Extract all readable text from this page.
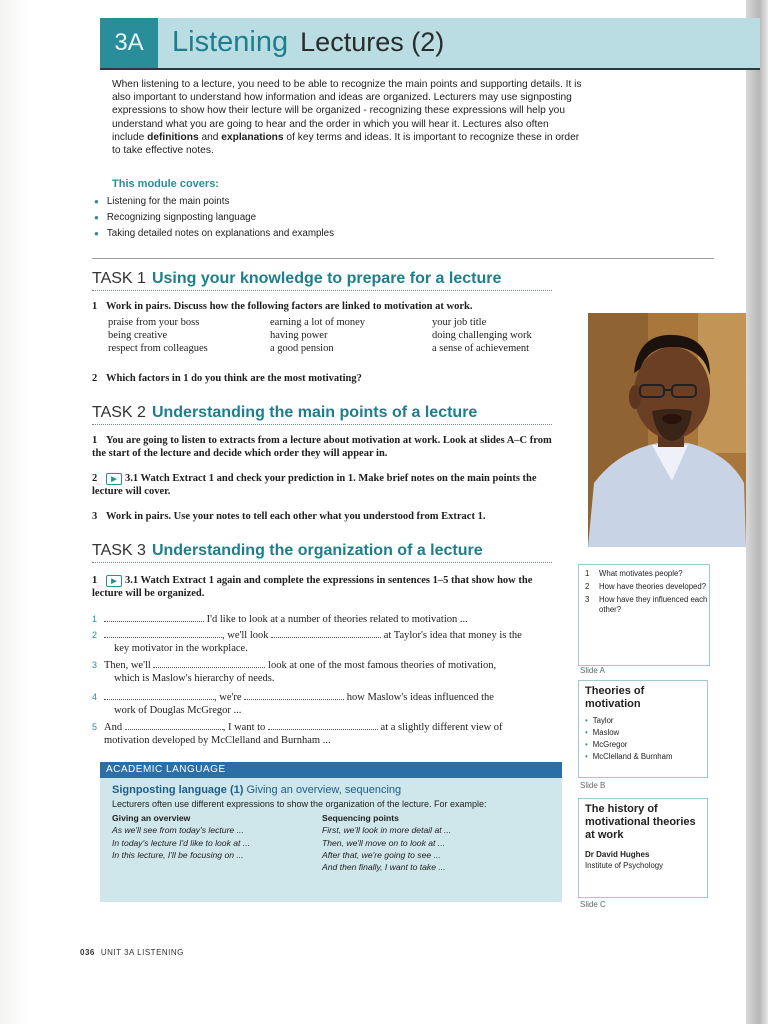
3A Listening Lectures (2)
When listening to a lecture, you need to be able to recognize the main points and supporting details. It is also important to understand how information and ideas are organized. Lecturers may use signposting expressions to show how their lecture will be organized - recognizing these expressions will help you understand what you are going to hear and the order in which you will hear it. Lectures also often include definitions and explanations of key terms and ideas. It is important to recognize these in order to take effective notes.
This module covers:
● Listening for the main points
● Recognizing signposting language
● Taking detailed notes on explanations and examples
TASK 1 Using your knowledge to prepare for a lecture
1 Work in pairs. Discuss how the following factors are linked to motivation at work.
praise from your boss	earning a lot of money	your job title
being creative	having power	doing challenging work
respect from colleagues	a good pension	a sense of achievement
2 Which factors in 1 do you think are the most motivating?
TASK 2 Understanding the main points of a lecture
1 You are going to listen to extracts from a lecture about motivation at work. Look at slides A–C from the start of the lecture and decide which order they will appear in.
2 ▶ 3.1 Watch Extract 1 and check your prediction in 1. Make brief notes on the main points the lecture will cover.
3 Work in pairs. Use your notes to tell each other what you understood from Extract 1.
TASK 3 Understanding the organization of a lecture
1 ▶ 3.1 Watch Extract 1 again and complete the expressions in sentences 1–5 that show how the lecture will be organized.
1	I'd like to look at a number of theories related to motivation ...
2	, we'll look	at Taylor's idea that money is the
key motivator in the workplace.
3 Then, we'll	look at one of the most famous theories of motivation,
which is Maslow's hierarchy of needs.
4	, we're	how Maslow's ideas influenced the
work of Douglas McGregor ...
5 And	, I want to	at a slightly different view of
motivation developed by McClelland and Burnham ...
1 What motivates people?
2 How have theories developed?
3 How have they influenced each other?
Slide A
Theories of motivation
• Taylor
• Maslow
• McGregor
• McClelland & Burnham
Slide B
The history of motivational theories at work
Dr David Hughes
Institute of Psychology
Slide C
ACADEMIC LANGUAGE
Signposting language (1) Giving an overview, sequencing
Lecturers often use different expressions to show the organization of the lecture. For example:
Giving an overview
As we'll see from today's lecture ...
In today's lecture I'd like to look at ...
In this lecture, I'll be focusing on ...
Sequencing points
First, we'll look in more detail at ...
Then, we'll move on to look at ...
After that, we're going to see ...
And then finally, I want to take ...
036 UNIT 3A LISTENING
